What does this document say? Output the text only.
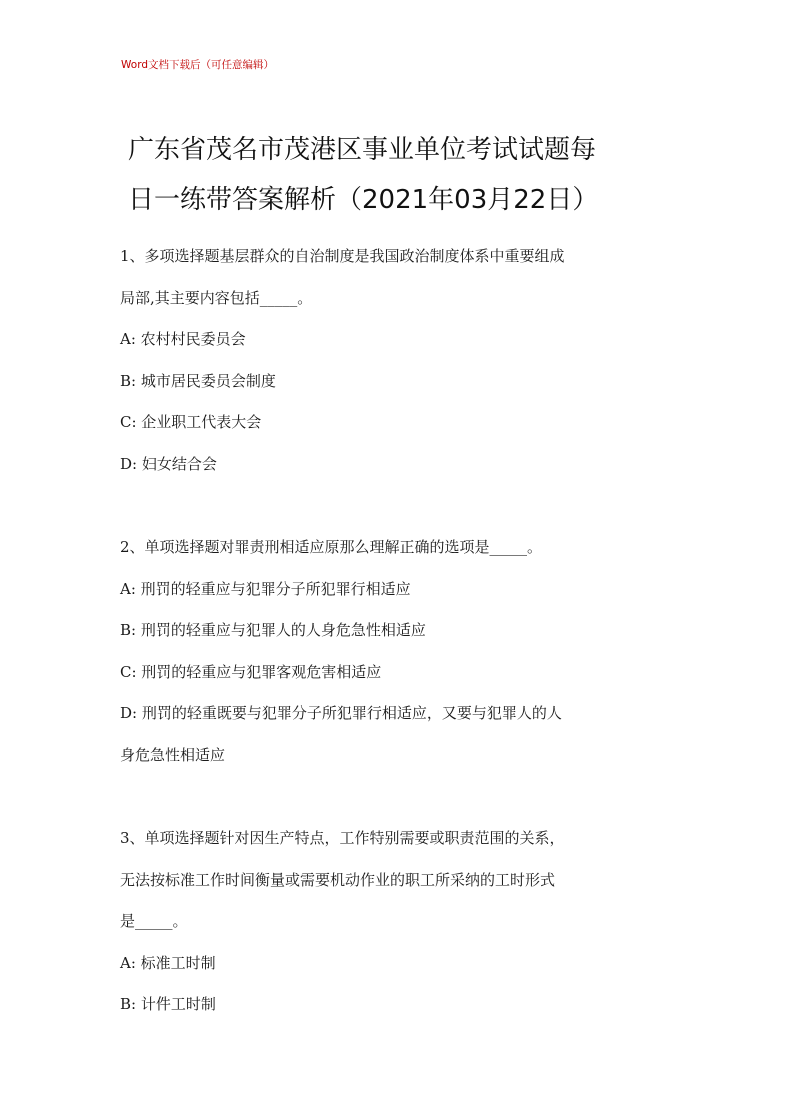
Word文档下载后（可任意编辑）
广东省茂名市茂港区事业单位考试试题每
日一练带答案解析（2021年03月22日）
1、多项选择题基层群众的自治制度是我国政治制度体系中重要组成
局部,其主要内容包括_____。
A: 农村村民委员会
B: 城市居民委员会制度
C: 企业职工代表大会
D: 妇女结合会
2、单项选择题对罪责刑相适应原那么理解正确的选项是_____。
A: 刑罚的轻重应与犯罪分子所犯罪行相适应
B: 刑罚的轻重应与犯罪人的人身危急性相适应
C: 刑罚的轻重应与犯罪客观危害相适应
D: 刑罚的轻重既要与犯罪分子所犯罪行相适应，又要与犯罪人的人
身危急性相适应
3、单项选择题针对因生产特点，工作特别需要或职责范围的关系，
无法按标准工作时间衡量或需要机动作业的职工所采纳的工时形式
是_____。
A: 标准工时制
B: 计件工时制
